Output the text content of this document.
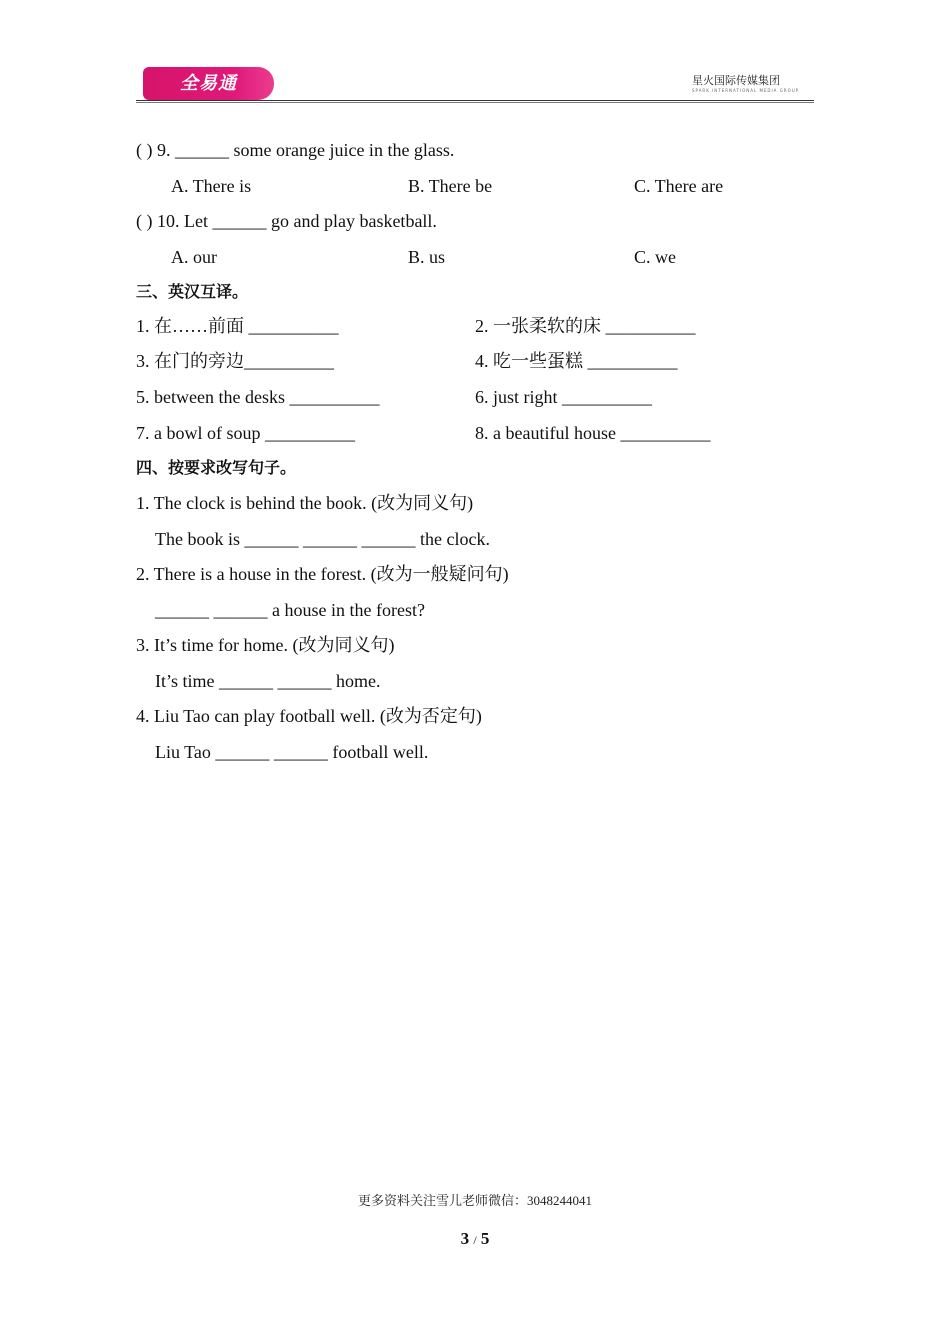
全易通	星火国际传媒集团
SPARK INTERNATIONAL MEDIA GROUP
( ) 9. ______ some orange juice in the glass.
A. There is	B. There be	C. There are
( ) 10. Let ______ go and play basketball.
A. our	B. us	C. we
三、英汉互译。
1. 在……前面 __________	2. 一张柔软的床 __________
3. 在门的旁边__________	4. 吃一些蛋糕 __________
5. between the desks __________	6. just right __________
7. a bowl of soup __________	8. a beautiful house __________
四、按要求改写句子。
1. The clock is behind the book. (改为同义句)
The book is ______ ______ ______ the clock.
2. There is a house in the forest. (改为一般疑问句)
______ ______ a house in the forest?
3. It’s time for home. (改为同义句)
It’s time ______ ______ home.
4. Liu Tao can play football well. (改为否定句)
Liu Tao ______ ______ football well.
更多资料关注雪儿老师微信：3048244041
3 / 5
